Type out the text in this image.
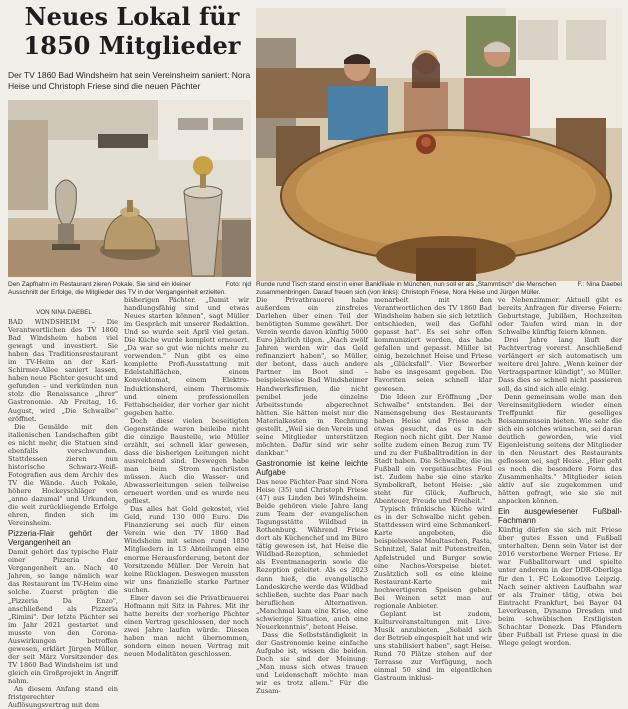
Neues Lokal für
1850 Mitglieder
Der TV 1860 Bad Windsheim hat sein Vereinsheim saniert: Nora Heise und Christoph Friese sind die neuen Pächter
Foto: njd
Den Zapfhahn im Restaurant zieren Pokale. Sie sind ein kleiner Ausschnitt der Erfolge, die Mitglieder des TV in der Vergangenheit erzielten.
F.: Nina Daebel
Runde rund Tisch stand einst in einer Bankfiliale in München, nun soll er als „Stammtisch" die Menschen zusammenbringen. Darauf freuen sich (von links): Christoph Friese, Nora Heise und Jürgen Müller.
VON NINA DAEBEL

BAD WINDSHEIM – Die Verantwortlichen des TV 1860 Bad Windsheim haben viel gewagt und investiert. Sie haben das Traditionsrestaurant im TV-Heim an der Karl-Schirmer-Allee saniert lassen, haben neue Pächter gesucht und gefunden – und verkünden nun stolz die Renaissance „ihrer" Gastronomie. Ab Freitag, 16. August, wird „Die Schwalbe" eröffnet.

Die Gemälde mit den italienischen Landschaften gibt es nicht mehr, die Statuen sind ebenfalls verschwunden. Stattdessen zieren nun historische Schwarz-Weiß-Fotografien aus dem Archiv des TV die Wände. Auch Pokale, höhere Hockeyschläger von „anno dazumal" und Urkunden, die weit zurückliegende Erfolge ehren, finden sich im Vereinsheim.

Pizzeria-Flair gehört der Vergangenheit an

Damit gehört das typische Flair einer Pizzeria der Vergangenheit an. Nach 40 Jahren, so lange nämlich war das Restaurant im TV-Heim eine solche. Zuerst prägten die „Pizzeria Da Enzo", anschließend als Pizzeria „Rimini". Der letzte Pächter sei im Jahr 2021 gestartet und musste von den Corona-Auswirkungen betroffen gewesen, erklärt Jürgen Müller, der seit März Vorsitzender des TV 1860 Bad Windsheim ist und gleich ein Großprojekt in Angriff nahm.

An diesem Anfang stand ein fristgerechter Auflösungsvertrag mit dem

bisherigen Pächter. „Damit wir handlungsfähig sind und etwas Neues starten können", sagt Müller im Gespräch mit unserer Redaktion. Und so wurde seit April viel getan. Die Küche wurde komplett erneuert. „Da war so gut wie nichts mehr zu verwenden." Nun gibt es eine komplette Profi-Ausstattung mit Edelstahlflächen, einem Konvektomat, einem Elektro-Induktionsherd, einem Thermomix und einem professionellen Fettabscheider, der vorher gar nicht gegeben hatte.

Doch diese vielen beseitigten Gegenstände waren beileibe nicht die einzige Baustelle, wie Müller erzählt, sei schnell klar gewesen, dass die bisherigen Leitungen nicht ausreichend sind. Deswegen habe man beim Strom nachrüsten müssen. Auch die Wasser- und Abwasserleitungen seien teilweise erneuert worden und es wurde neu gefliest.

Das alles hat Geld gekostet, viel Geld, rund 130 000 Euro. Die Finanzierung sei auch für einen Verein wie den TV 1860 Bad Windsheim mit seinen rund 1850 Mitgliedern in 13 Abteilungen eine enorme Herausforderung, betont der Vorsitzende Müller. Der Verein hat keine Rücklagen. Deswegen mussten wir uns finanzielle starke Partner suchen.

Einer davon sei die Privatbrauerei Hofmann mit Sitz in Pahres. Mit ihr hatte bereits der vorherige Pächter einen Vertrag geschlossen, der noch zwei Jahre laufen würde. Diesen haben man nicht übernommen, sondern einen neuen Vertrag mit neuen Modalitäten geschlossen.

Die Privatbrauerei habe außerdem ein zinsfreies Darlehen über einen Teil der benötigten Summe gewährt. Der Verein werde davon künftig 5000 Euro jährlich tilgen. „Nach zwölf Jahren werden wir das Geld refinanziert haben", so Müller, der betont, dass auch andere Partner im Boot sind – beispielsweise Bad Windsheimer Handwerksfirmen, die nicht penibel jede einzelne Arbeitsstunde abgerechnet hätten. Sie hätten meist nur die Materialkosten in Rechnung gestellt. „Weil sie den Verein und seine Mitglieder unterstützen möchten. Dafür sind wir sehr dankbar."

Gastronomie ist keine leichte Aufgabe

Das neue Pächter-Paar sind Nora Heise (35) und Christoph Friese (47) aus Linden bei Windsheim. Beide gehören viele Jahre lang zum Team der evangelischen Tagungsstätte Wildbad in Rothenburg. Während Friese dort als Küchenchef und im Büro tätig gewesen ist, hat Heise die Wildbad-Rezeption, schmiedet als Eventmanagerin sowie die Rezeption geleitet. Als es 2023 dann hieß, die evangelische Landeskirche werde das Wildbad schließen, suchte das Paar nach beruflichen Alternativen. „Manchmal kam eine Krise, eine schwierige Situation, auch eine Neuerkenntnis", betont Heise.

Dass die Selbstständigkeit in der Gastronomie keine einfache Aufgabe ist, wissen die beiden. Doch sie sind der Meinung: „Man muss sich etwas trauen und Leidenschaft möchte man wir es trotz allem." Für die Zusam-

menarbeit mit den Verantwortlichen des TV 1860 Bad Windsheim haben sie sich letztlich entschieden, weil das Gefühl gepasst hat". Es sei sehr offen kommuniziert worden, das habe gefallen und gepasst. Müller ist einig, bezeichnet Heise und Friese als „Glücksfall". Vier Bewerber habe es insgesamt gegeben. Die Favoriten seien schnell klar gewesen.

Die Ideen zur Eröffnung „Der Schwalbe" entstanden. Bei der Namensgebung des Restaurants haben Heise und Friese nach etwas gesucht, das es in der Region noch nicht gibt. Der Name sollte zudem einen Bezug zum TV und zu der Fußballtradition in der Stadt haben. Die Schwalbe, die im Fußball ein vorgetäuschtes Foul ist. Zudem habe sie eine starke Symbolkraft, betont Heise: „sie steht für Glück, Aufbruch, Abenteuer, Freude und Freiheit."

Typisch fränkische Küche wird es in der Schwalbe nicht geben. Stattdessen wird eine Schmankerl-Karte angeboten, die beispielsweise Maultaschen, Pasta, Schnitzel, Salat mit Putenstreifen, Apfelstrudel und Burger sowie eine Nachos-Vorspeise bietet. Zusätzlich soll es eine kleine Restaurant-Karte mit hochwertigeren Speisen geben. Bei Weinen setzt man auf regionale Anbieter.

Geplant ist zudem, Kulturveranstaltungen mit Live-Musik anzubieten. „Sobald sich der Betrieb eingespielt hat und wir uns stabilisiert haben", sagt Heise. Rund 70 Plätze stehen auf der Terrasse zur Verfügung, noch einmal 50 sind im eigentlichen Gastraum inklusi-

ve Nebenzimmer. Aktuell gibt es bereits Anfragen für diverse Feiern: Geburtstage, Jubiläen, Hochzeiten oder Taufen wird man in der Schwalbe künftig feiern können.

Drei Jahre lang läuft der Pachtvertrag vorerst. Anschließend verlängert er sich automatisch um weitere drei Jahre. „Wenn keiner der Vertragspartner kündigt", so Müller. Dass dies so schnell nicht passieren soll, da sind sich alle einig.

Denn gemeinsam wolle man den Vereinsmitgliedern wieder einen Treffpunkt für geselliges Beisammensein bieten. Wie sehr die sich ein solches wünschen, sei daran deutlich geworden, wie viel Eigenleistung seitens der Mitglieder in den Neustart des Restaurants geflossen sei, sagt Heise. „Hier geht es noch die besondere Form des Zusammenhalts." Mitglieder seien aktiv auf sie zugekommen und hätten gefragt, wie sie sie mit anpacken können.

Ein ausgewiesener Fußball-Fachmann

Künftig dürfen sie sich mit Friese über gutes Essen und Fußball unterhalten. Denn sein Vater ist der 2016 verstorbene Werner Friese. Er war Fußballtorwart und spielte unter anderem in der DDR-Oberliga für den 1. FC Lokomotive Leipzig. Nach seiner aktiven Laufbahn war er als Trainer tätig, etwa bei Eintracht Frankfurt, bei Bayer 04 Leverkusen, Dynamo Dresden und beim schwäbischen Erstligisten Schachtar Donezk. Das Pfandern über Fußball ist Friese quasi in die Wiege gelegt worden.
